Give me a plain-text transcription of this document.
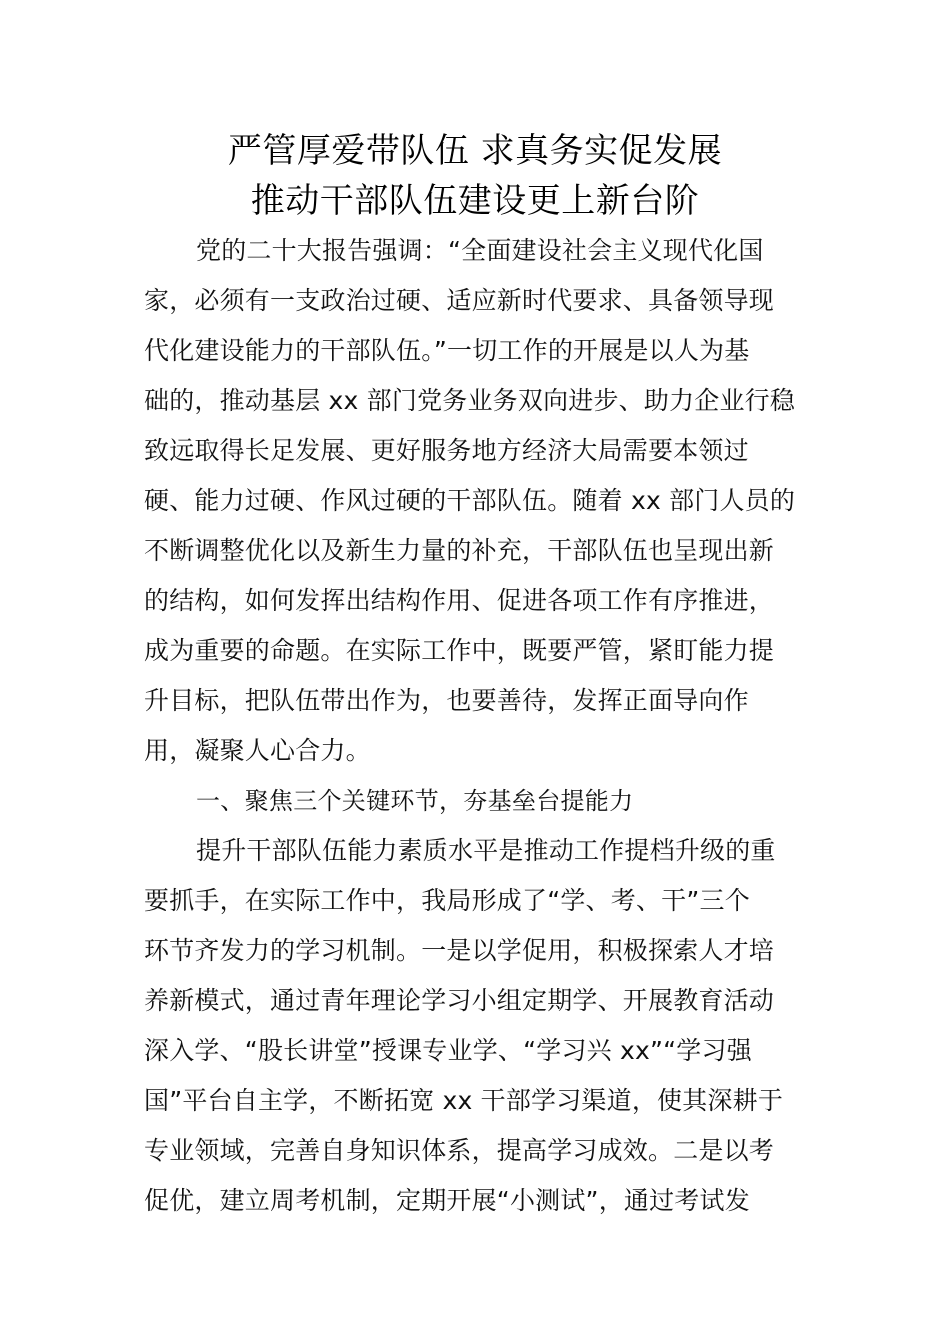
严管厚爱带队伍 求真务实促发展
推动干部队伍建设更上新台阶
党的二十大报告强调：“全面建设社会主义现代化国
家，必须有一支政治过硬、适应新时代要求、具备领导现
代化建设能力的干部队伍。”一切工作的开展是以人为基
础的，推动基层 xx 部门党务业务双向进步、助力企业行稳
致远取得长足发展、更好服务地方经济大局需要本领过
硬、能力过硬、作风过硬的干部队伍。随着 xx 部门人员的
不断调整优化以及新生力量的补充，干部队伍也呈现出新
的结构，如何发挥出结构作用、促进各项工作有序推进，
成为重要的命题。在实际工作中，既要严管，紧盯能力提
升目标，把队伍带出作为，也要善待，发挥正面导向作
用，凝聚人心合力。
一、聚焦三个关键环节，夯基垒台提能力
提升干部队伍能力素质水平是推动工作提档升级的重
要抓手，在实际工作中，我局形成了“学、考、干”三个
环节齐发力的学习机制。一是以学促用，积极探索人才培
养新模式，通过青年理论学习小组定期学、开展教育活动
深入学、“股长讲堂”授课专业学、“学习兴 xx”“学习强
国”平台自主学，不断拓宽 xx 干部学习渠道，使其深耕于
专业领域，完善自身知识体系，提高学习成效。二是以考
促优，建立周考机制，定期开展“小测试”，通过考试发
